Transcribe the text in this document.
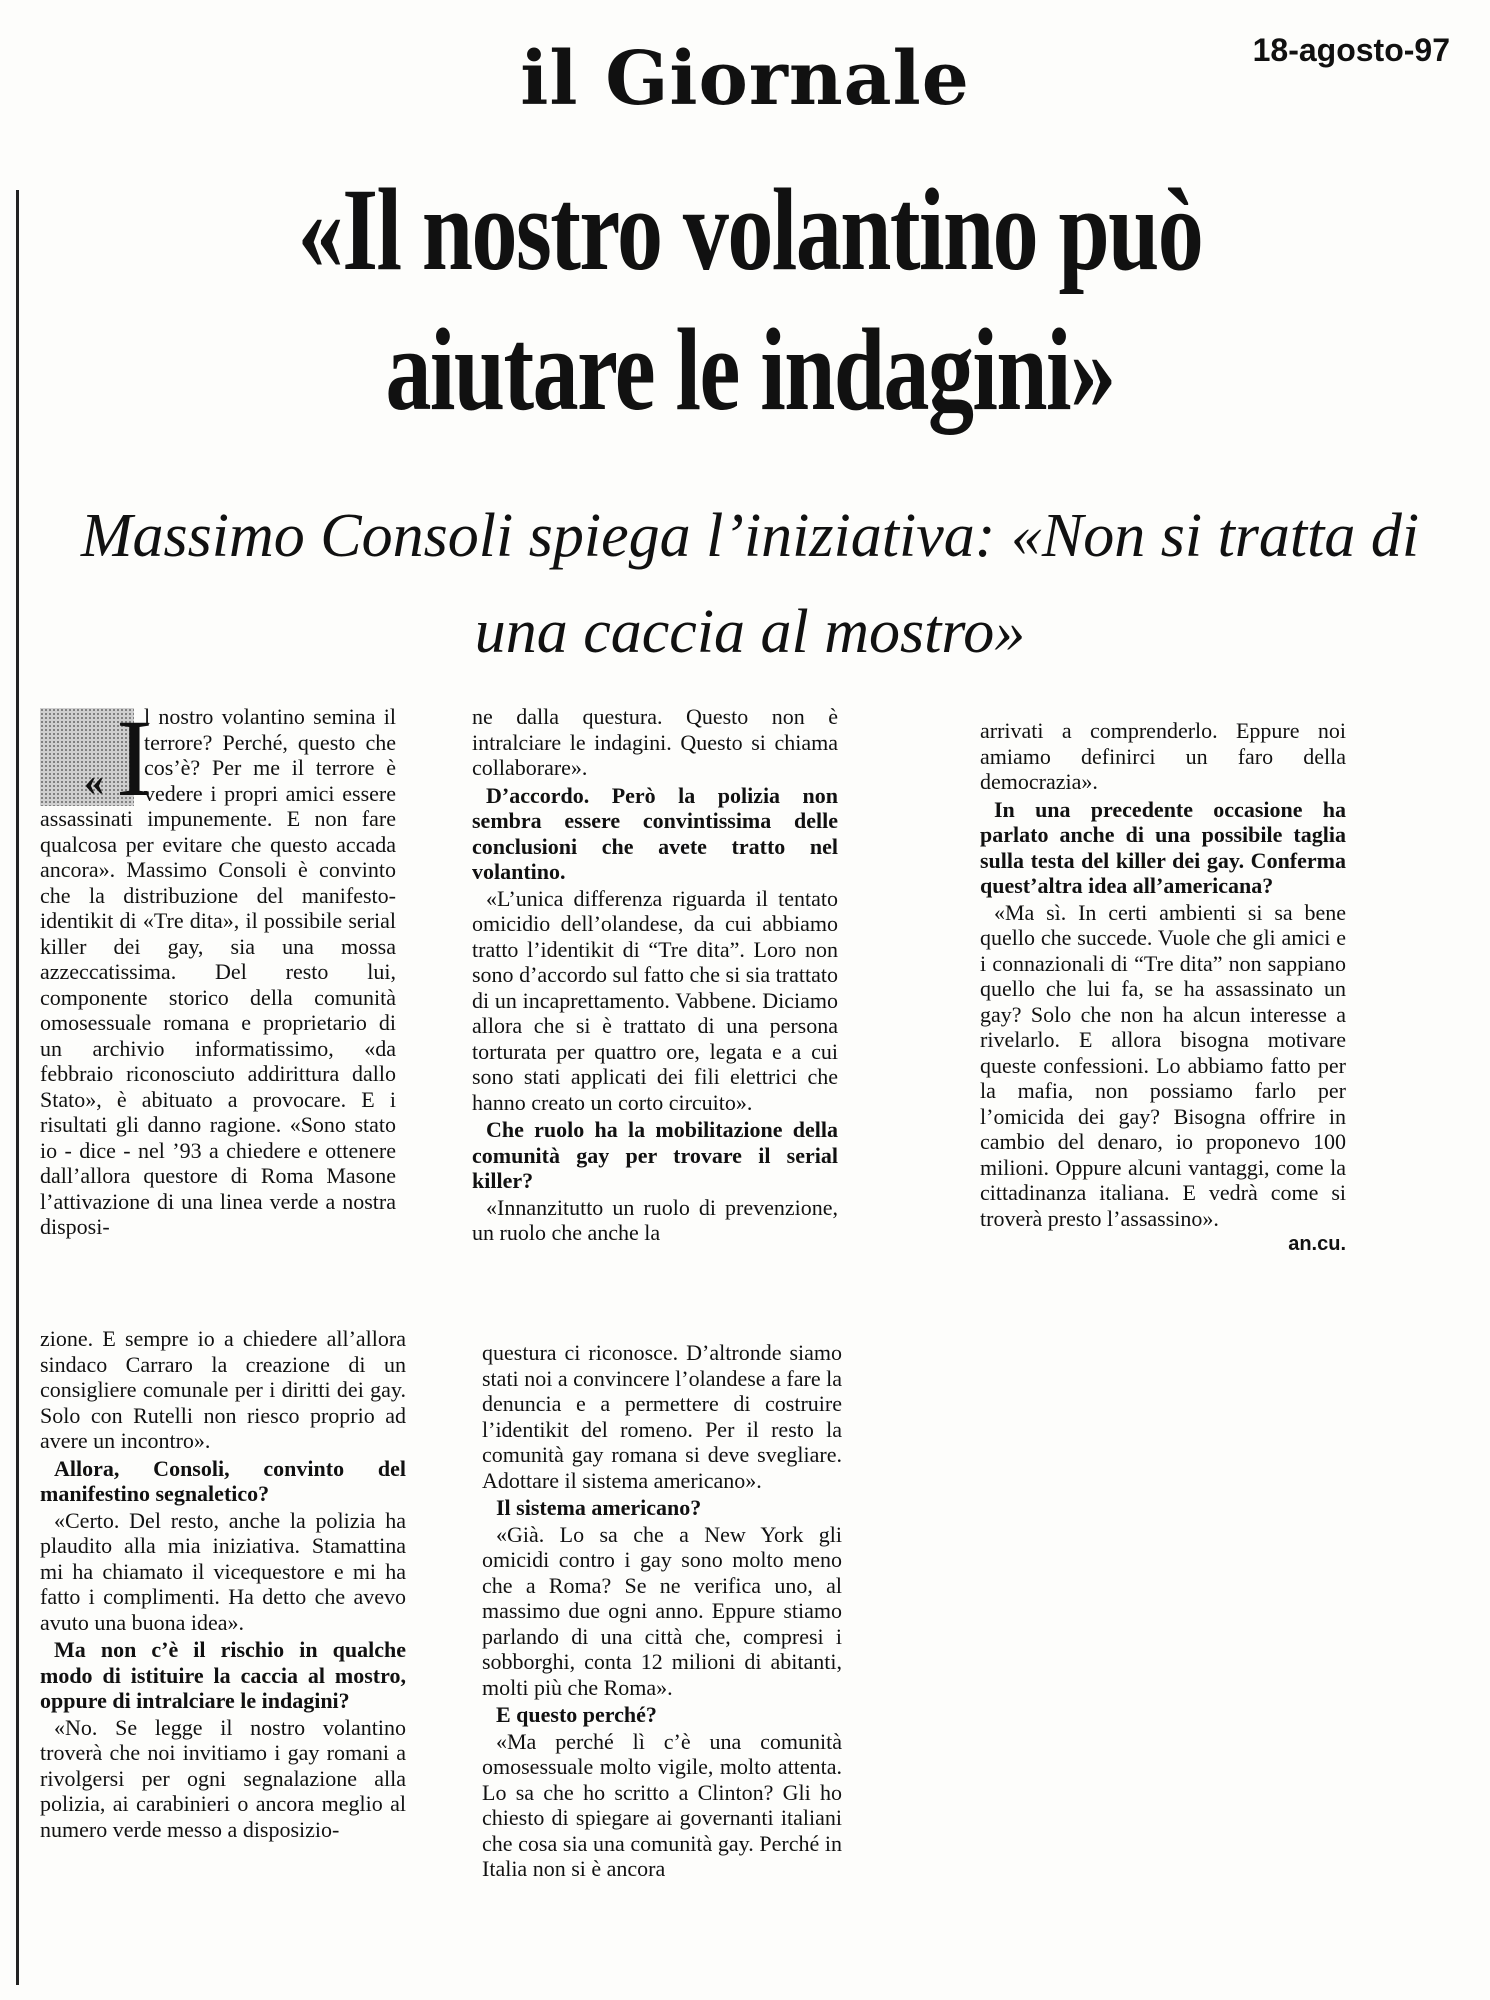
il Giornale	18-agosto-97
«Il nostro volantino può aiutare le indagini»
Massimo Consoli spiega l’iniziativa: «Non si tratta di una caccia al mostro»
« I

l nostro volantino semina il terrore? Perché, questo che cos’è? Per me il terrore è vedere i propri amici essere assassinati impunemente. E non fare qualcosa per evitare che questo accada ancora». Massimo Consoli è convinto che la distribuzione del manifesto-identikit di «Tre dita», il possibile serial killer dei gay, sia una mossa azzeccatissima. Del resto lui, componente storico della comunità omosessuale romana e proprietario di un archivio informatissimo, «da febbraio riconosciuto addirittura dallo Stato», è abituato a provocare. E i risultati gli danno ragione. «Sono stato io - dice - nel ’93 a chiedere e ottenere dall’allora questore di Roma Masone l’attivazione di una linea verde a nostra disposi-

zione. E sempre io a chiedere all’allora sindaco Carraro la creazione di un consigliere comunale per i diritti dei gay. Solo con Rutelli non riesco proprio ad avere un incontro».

Allora, Consoli, convinto del manifestino segnaletico?

«Certo. Del resto, anche la polizia ha plaudito alla mia iniziativa. Stamattina mi ha chiamato il vicequestore e mi ha fatto i complimenti. Ha detto che avevo avuto una buona idea».

Ma non c’è il rischio in qualche modo di istituire la caccia al mostro, oppure di intralciare le indagini?

«No. Se legge il nostro volantino troverà che noi invitiamo i gay romani a rivolgersi per ogni segnalazione alla polizia, ai carabinieri o ancora meglio al numero verde messo a disposizio-

ne dalla questura. Questo non è intralciare le indagini. Questo si chiama collaborare».

D’accordo. Però la polizia non sembra essere convintissima delle conclusioni che avete tratto nel volantino.

«L’unica differenza riguarda il tentato omicidio dell’olandese, da cui abbiamo tratto l’identikit di “Tre dita”. Loro non sono d’accordo sul fatto che si sia trattato di un incaprettamento. Vabbene. Diciamo allora che si è trattato di una persona torturata per quattro ore, legata e a cui sono stati applicati dei fili elettrici che hanno creato un corto circuito».

Che ruolo ha la mobilitazione della comunità gay per trovare il serial killer?

«Innanzitutto un ruolo di prevenzione, un ruolo che anche la

questura ci riconosce. D’altronde siamo stati noi a convincere l’olandese a fare la denuncia e a permettere di costruire l’identikit del romeno. Per il resto la comunità gay romana si deve svegliare. Adottare il sistema americano».

Il sistema americano?

«Già. Lo sa che a New York gli omicidi contro i gay sono molto meno che a Roma? Se ne verifica uno, al massimo due ogni anno. Eppure stiamo parlando di una città che, compresi i sobborghi, conta 12 milioni di abitanti, molti più che Roma».

E questo perché?

«Ma perché lì c’è una comunità omosessuale molto vigile, molto attenta. Lo sa che ho scritto a Clinton? Gli ho chiesto di spiegare ai governanti italiani che cosa sia una comunità gay. Perché in Italia non si è ancora

arrivati a comprenderlo. Eppure noi amiamo definirci un faro della democrazia».

In una precedente occasione ha parlato anche di una possibile taglia sulla testa del killer dei gay. Conferma quest’altra idea all’americana?

«Ma sì. In certi ambienti si sa bene quello che succede. Vuole che gli amici e i connazionali di “Tre dita” non sappiano quello che lui fa, se ha assassinato un gay? Solo che non ha alcun interesse a rivelarlo. E allora bisogna motivare queste confessioni. Lo abbiamo fatto per la mafia, non possiamo farlo per l’omicida dei gay? Bisogna offrire in cambio del denaro, io proponevo 100 milioni. Oppure alcuni vantaggi, come la cittadinanza italiana. E vedrà come si troverà presto l’assassino».

an.cu.
